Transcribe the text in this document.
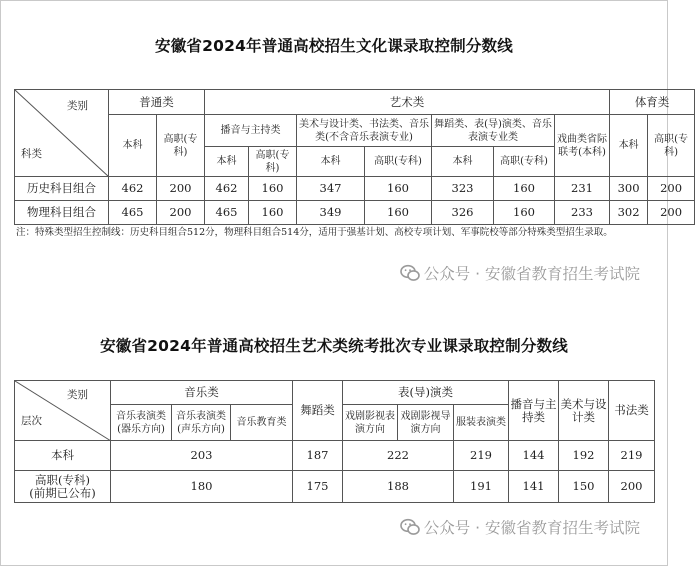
安徽省2024年普通高校招生文化课录取控制分数线
类别
科类	普通类		艺术类							体育类	
	本科	高职(专科)	播音与主持类		美术与设计类、书法类、音乐类(不含音乐表演专业)		舞蹈类、表(导)演类、音乐表演专业类		戏曲类省际联考(本科)	本科	高职(专科)
			本科	高职(专科)	本科	高职(专科)	本科	高职(专科)			
历史科目组合	462	200	462	160	347	160	323	160	231	300	200
物理科目组合	465	200	465	160	349	160	326	160	233	302	200
注：特殊类型招生控制线：历史科目组合512分，物理科目组合514分，适用于强基计划、高校专项计划、军事院校等部分特殊类型招生录取。
公众号 · 安徽省教育招生考试院
安徽省2024年普通高校招生艺术类统考批次专业课录取控制分数线
类别
层次	音乐类			舞蹈类	表(导)演类			播音与主持类	美术与设计类	书法类
	音乐表演类(器乐方向)	音乐表演类(声乐方向)	音乐教育类		戏剧影视表演方向	戏剧影视导演方向	服装表演类			
本科	203			187	222		219	144	192	219
高职(专科)(前期已公布)	180			175	188		191	141	150	200
公众号 · 安徽省教育招生考试院
